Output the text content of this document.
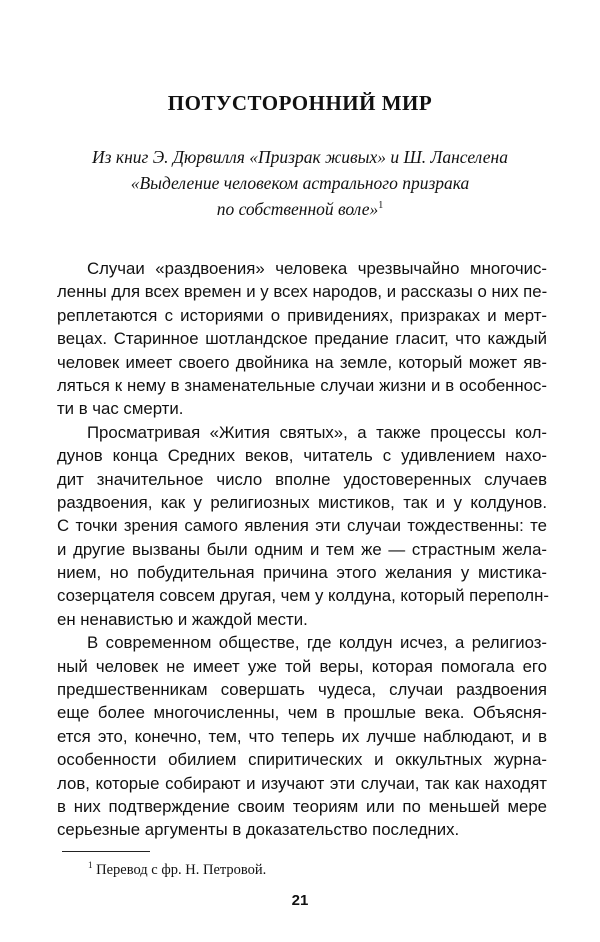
ПОТУСТОРОННИЙ МИР
Из книг Э. Дюрвилля «Призрак живых» и Ш. Ланселена
«Выделение человеком астрального призрака
по собственной воле»$^1$
Случаи «раздвоения» человека чрезвычайно многочис-
ленны для всех времен и у всех народов, и рассказы о них пе-
реплетаются с историями о привидениях, призраках и мерт-
вецах. Старинное шотландское предание гласит, что каждый
человек имеет своего двойника на земле, который может яв-
ляться к нему в знаменательные случаи жизни и в особеннос-
ти в час смерти.
Просматривая «Жития святых», а также процессы кол-
дунов конца Средних веков, читатель с удивлением нахо-
дит значительное число вполне удостоверенных случаев
раздвоения, как у религиозных мистиков, так и у колдунов.
С точки зрения самого явления эти случаи тождественны: те
и другие вызваны были одним и тем же — страстным жела-
нием, но побудительная причина этого желания у мистика-
созерцателя совсем другая, чем у колдуна, который переполн-
ен ненавистью и жаждой мести.
В современном обществе, где колдун исчез, а религиоз-
ный человек не имеет уже той веры, которая помогала его
предшественникам совершать чудеса, случаи раздвоения
еще более многочисленны, чем в прошлые века. Объясня-
ется это, конечно, тем, что теперь их лучше наблюдают, и в
особенности обилием спиритических и оккультных журна-
лов, которые собирают и изучают эти случаи, так как находят
в них подтверждение своим теориям или по меньшей мере
серьезные аргументы в доказательство последних.
$^1$ Перевод с фр. Н. Петровой.
21
